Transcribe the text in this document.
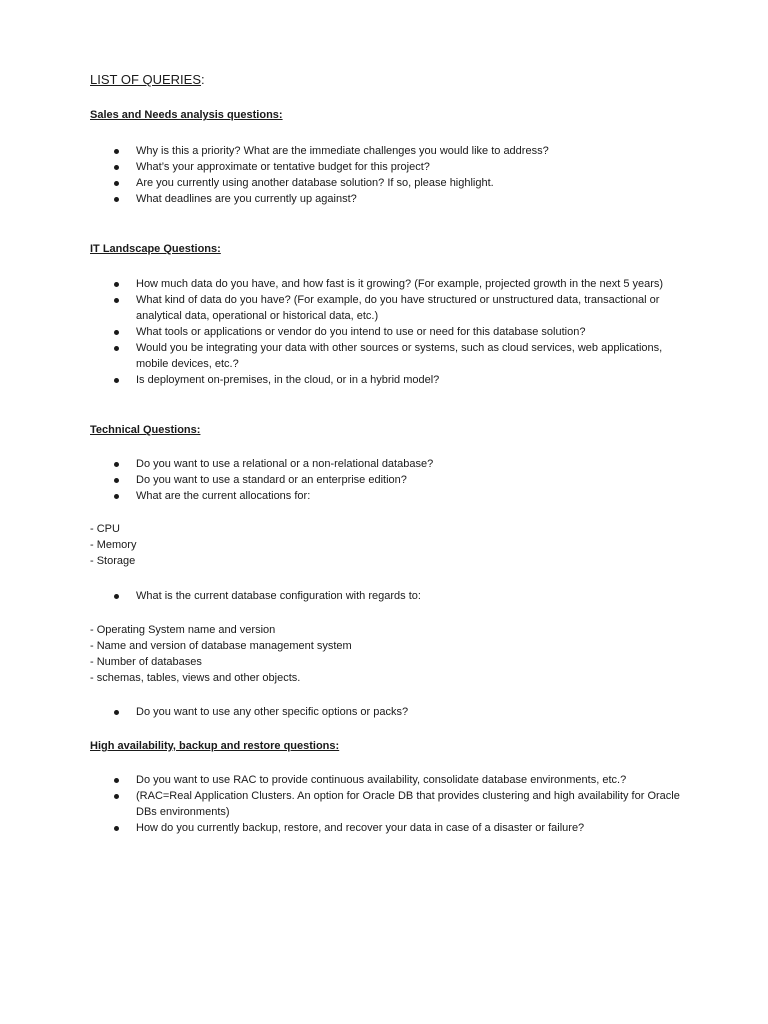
LIST OF QUERIES:
Sales and Needs analysis questions:
Why is this a priority? What are the immediate challenges you would like to address?
What’s your approximate or tentative budget for this project?
Are you currently using another database solution? If so, please highlight.
What deadlines are you currently up against?
IT Landscape Questions:
How much data do you have, and how fast is it growing? (For example, projected growth in the next 5 years)
What kind of data do you have? (For example, do you have structured or unstructured data, transactional or analytical data, operational or historical data, etc.)
What tools or applications or vendor do you intend to use or need for this database solution?
Would you be integrating your data with other sources or systems, such as cloud services, web applications, mobile devices, etc.?
Is deployment on-premises, in the cloud, or in a hybrid model?
Technical Questions:
Do you want to use a relational or a non-relational database?
Do you want to use a standard or an enterprise edition?
What are the current allocations for:
- CPU
- Memory
- Storage
What is the current database configuration with regards to:
- Operating System name and version
- Name and version of database management system
- Number of databases
- schemas, tables, views and other objects.
Do you want to use any other specific options or packs?
High availability, backup and restore questions:
Do you want to use RAC to provide continuous availability, consolidate database environments, etc.?
(RAC=Real Application Clusters. An option for Oracle DB that provides clustering and high availability for Oracle DBs environments)
How do you currently backup, restore, and recover your data in case of a disaster or failure?
